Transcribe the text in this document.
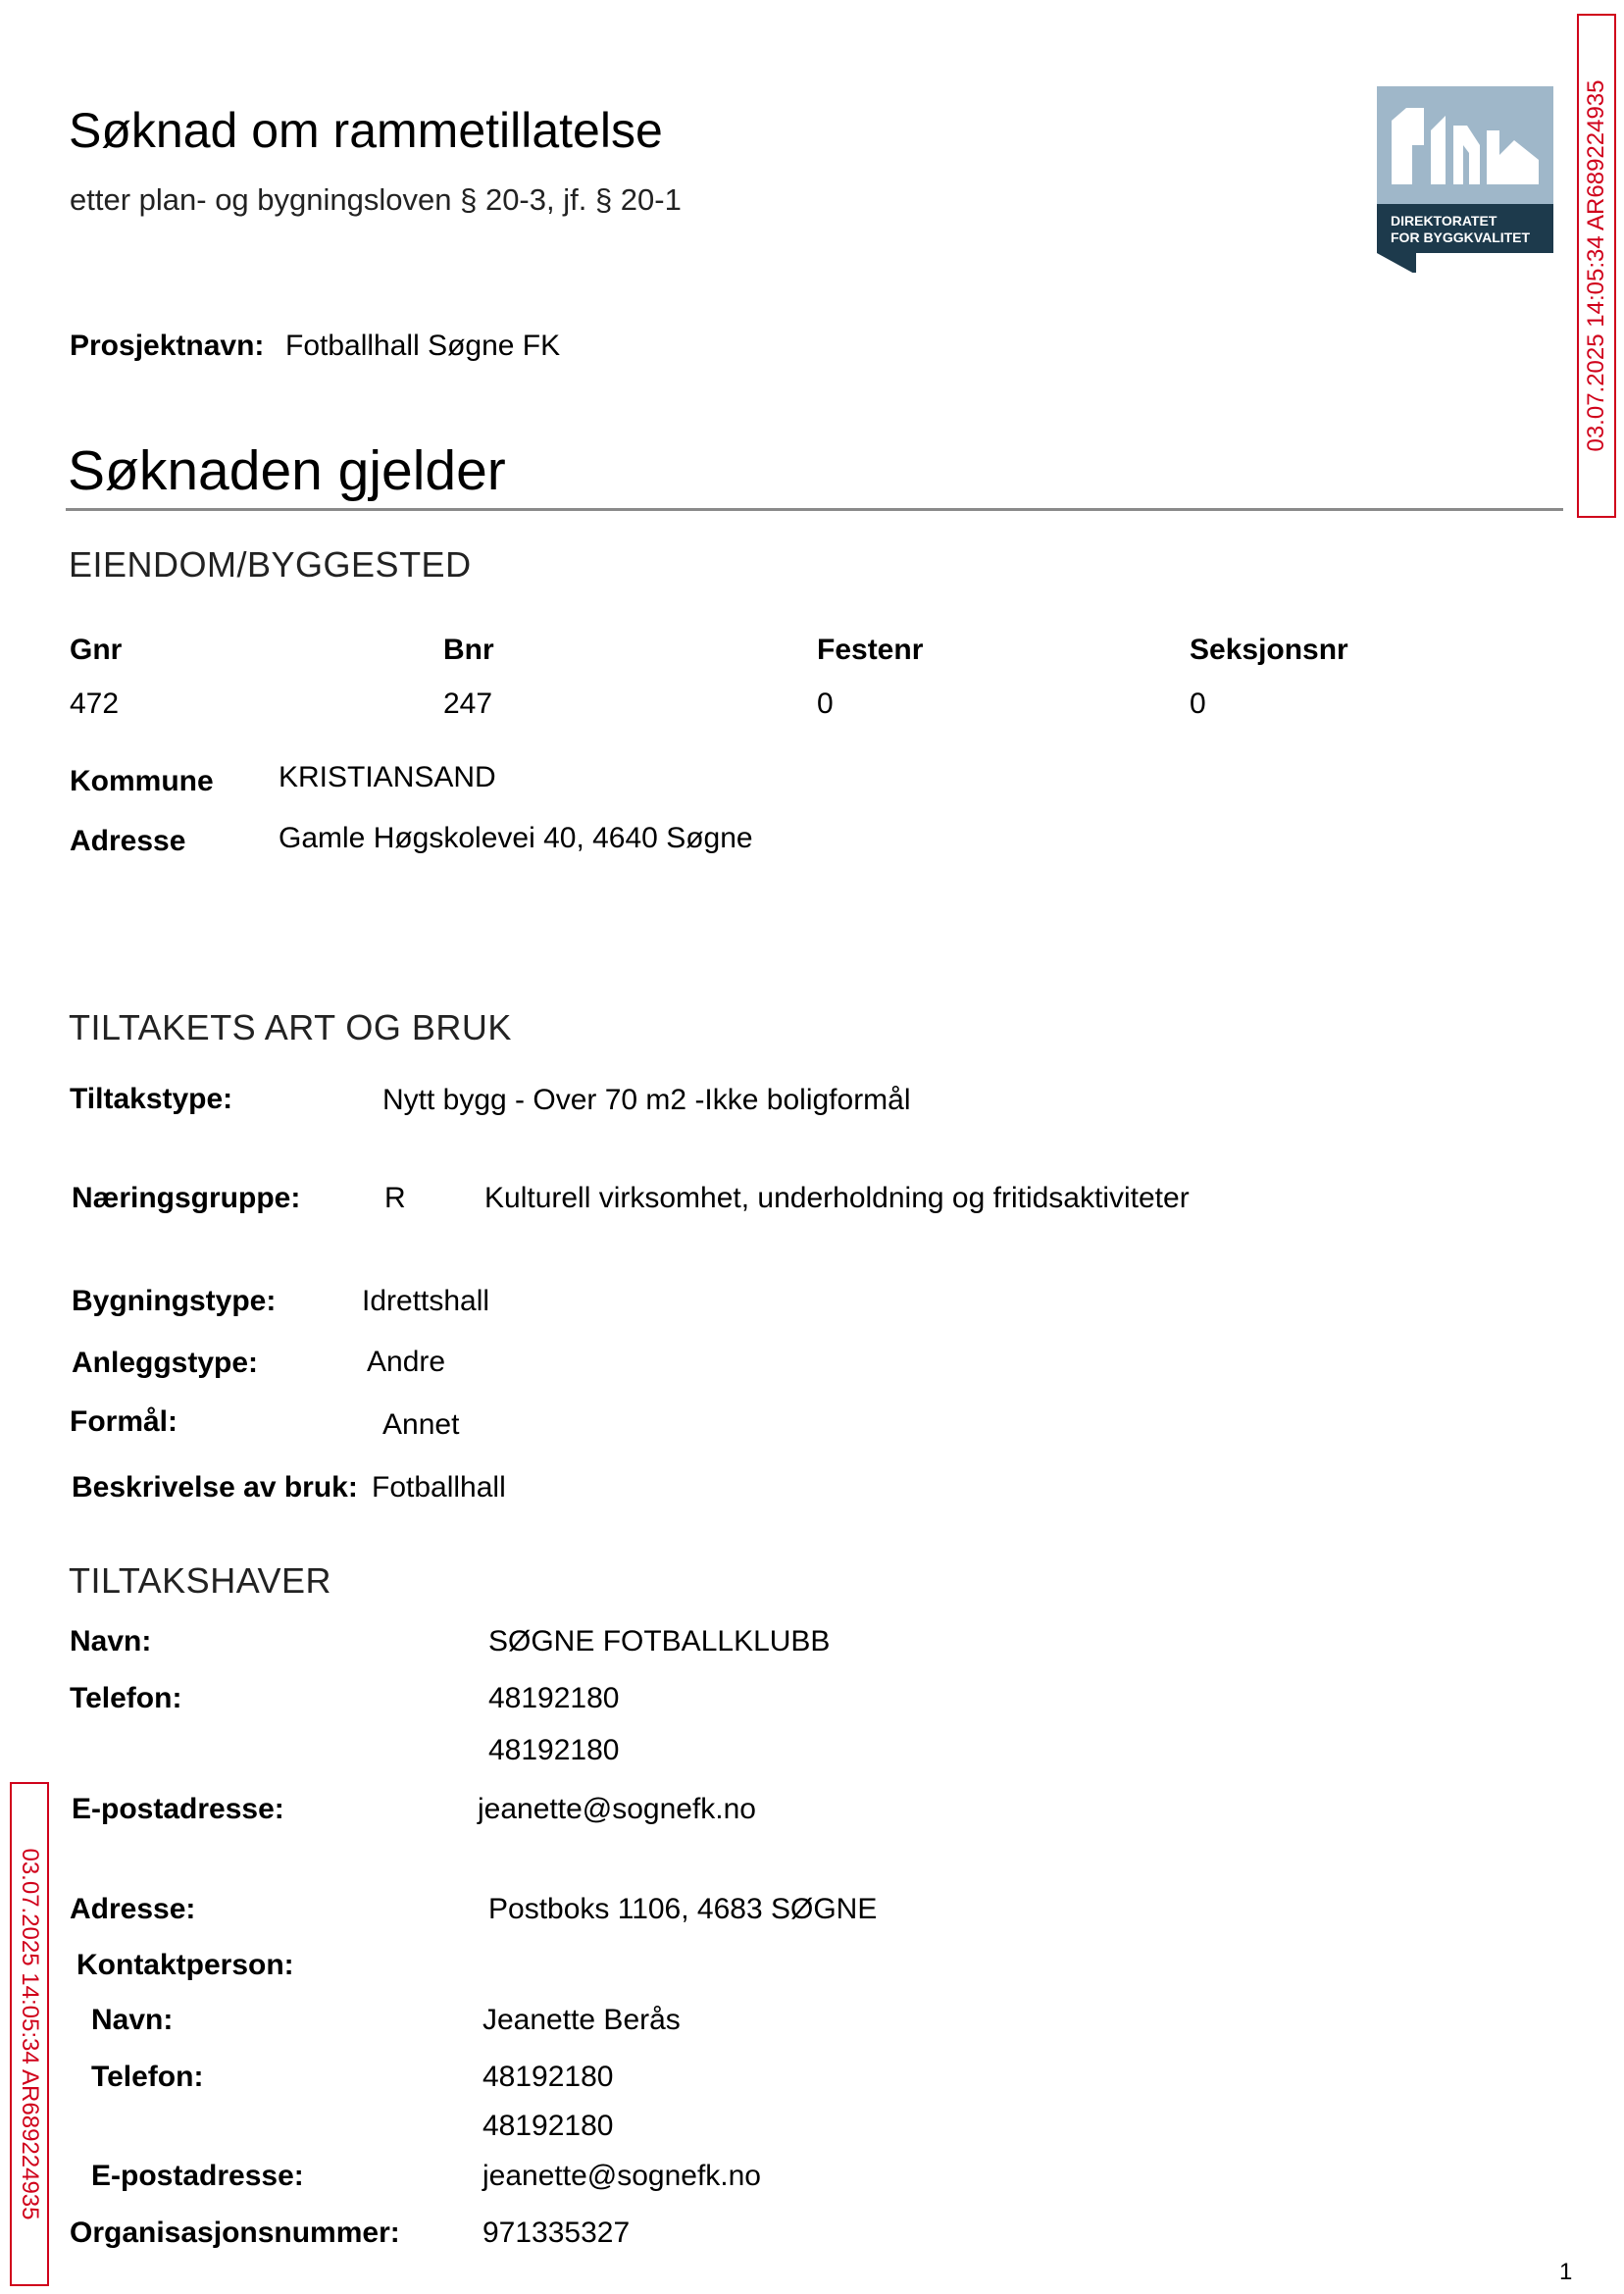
Søknad om rammetillatelse
etter plan- og bygningsloven § 20-3, jf. § 20-1
DIREKTORATET
FOR BYGGKVALITET 03.07.2025 14:05:34 AR689224935
03.07.2025 14:05:34 AR689224935
Prosjektnavn: Fotballhall Søgne FK
Søknaden gjelder
EIENDOM/BYGGESTED
Gnr	Bnr	Festenr	Seksjonsnr
472	247	0	0
Kommune KRISTIANSAND
Adresse	Gamle Høgskolevei 40, 4640 Søgne
TILTAKETS ART OG BRUK
Tiltakstype:	Nytt bygg - Over 70 m2 -Ikke boligformål
Næringsgruppe:	R	Kulturell virksomhet, underholdning og fritidsaktiviteter
Bygningstype:	Idrettshall
Anleggstype:	Andre
Formål:	Annet
Beskrivelse av bruk: Fotballhall
TILTAKSHAVER
Navn:	SØGNE FOTBALLKLUBB
Telefon:	48192180
48192180
E-postadresse:	jeanette@sognefk.no
Adresse:	Postboks 1106, 4683 SØGNE
Kontaktperson:
Navn:	Jeanette Berås
Telefon:	48192180
48192180
E-postadresse:	jeanette@sognefk.no
Organisasjonsnummer:	971335327
1
